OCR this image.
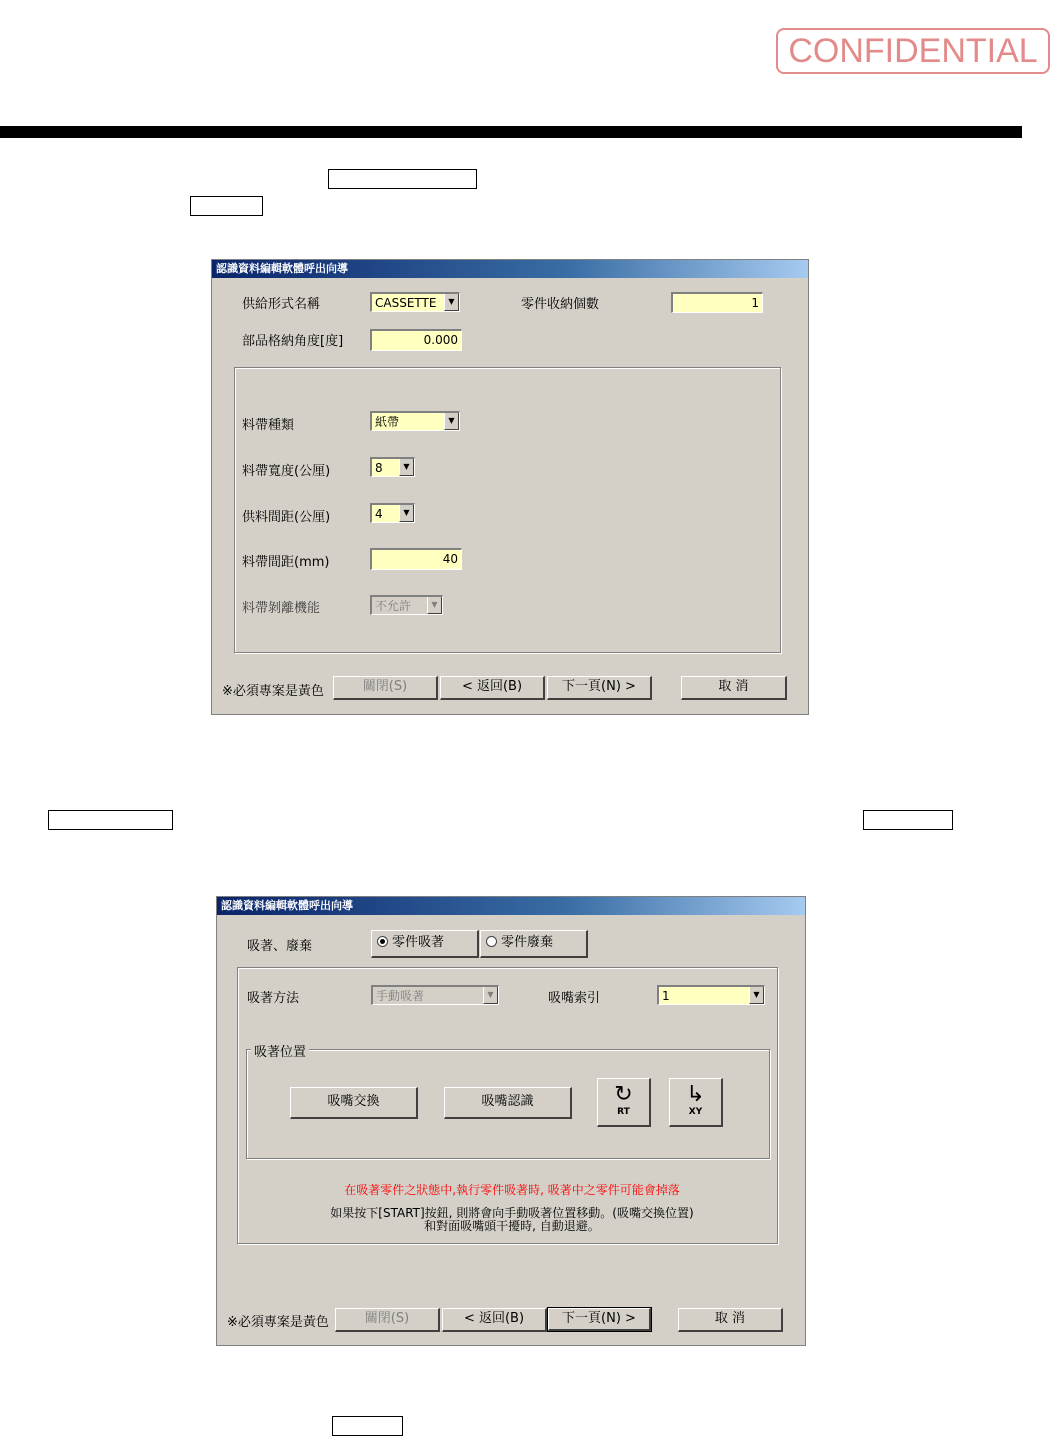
CONFIDENTIAL
認識資料編輯軟體呼出向導
供給形式名稱	CASSETTE	▼	零件收納個數	1
部品格納角度[度]	0.000
料帶種類	紙帶	▼
料帶寬度(公厘)	8	▼
供料間距(公厘)	4	▼
料帶間距(mm)	40
料帶剝離機能	不允許	▼
※必須專案是黃色	關閉(S)	< 返回(B)	下一頁(N) >	取 消
認識資料編輯軟體呼出向導
吸著、廢棄	零件吸著	零件廢棄
吸著方法	手動吸著	▼	吸嘴索引	1	▼
吸著位置
吸嘴交換	吸嘴認識	↻
RT
↳
XY
在吸著零件之狀態中,執行零件吸著時, 吸著中之零件可能會掉落
如果按下[START]按鈕, 則將會向手動吸著位置移動。(吸嘴交換位置)
和對面吸嘴頭干擾時, 自動退避。
※必須專案是黃色	關閉(S)	< 返回(B)	下一頁(N) >	取 消
